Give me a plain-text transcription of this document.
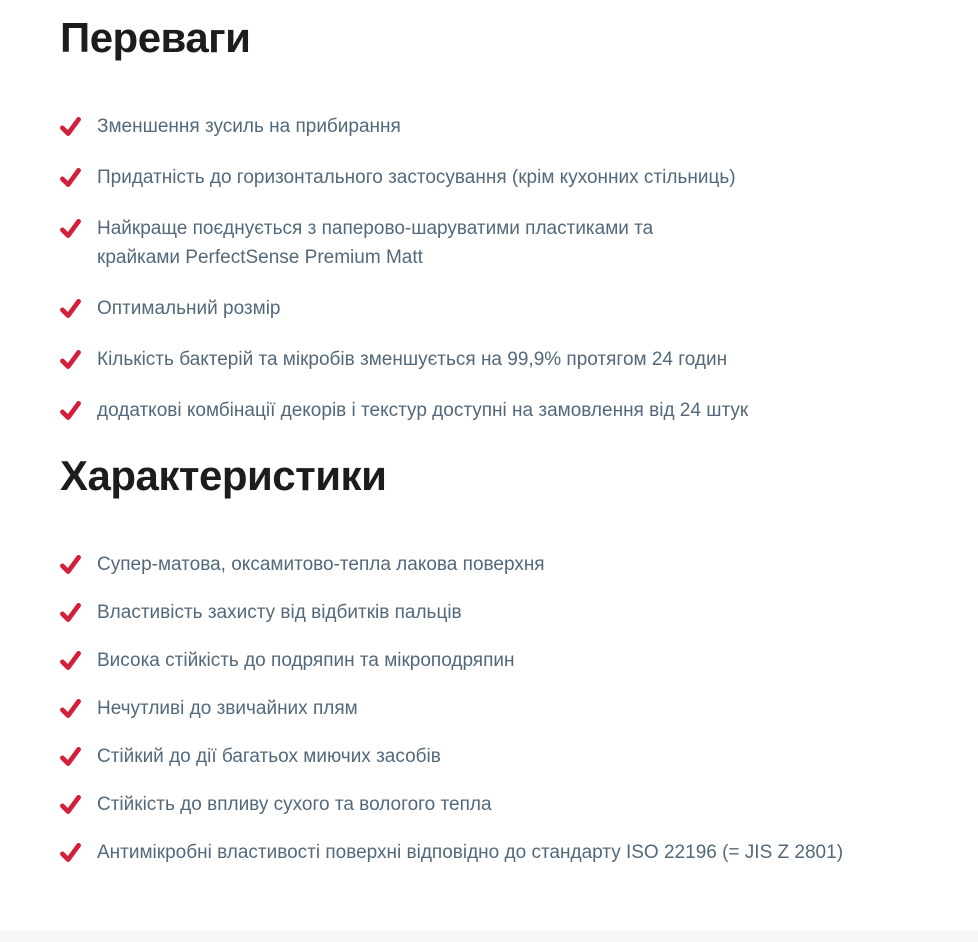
Переваги
Зменшення зусиль на прибирання
Придатність до горизонтального застосування (крім кухонних стільниць)
Найкраще поєднується з паперово-шаруватими пластиками та крайками PerfectSense Premium Matt
Оптимальний розмір
Кількість бактерій та мікробів зменшується на 99,9% протягом 24 годин
додаткові комбінації декорів і текстур доступні на замовлення від 24 штук
Характеристики
Супер-матова, оксамитово-тепла лакова поверхня
Властивість захисту від відбитків пальців
Висока стійкість до подряпин та мікроподряпин
Нечутливі до звичайних плям
Стійкий до дії багатьох миючих засобів
Стійкість до впливу сухого та вологого тепла
Антимікробні властивості поверхні відповідно до стандарту ISO 22196 (= JIS Z 2801)
